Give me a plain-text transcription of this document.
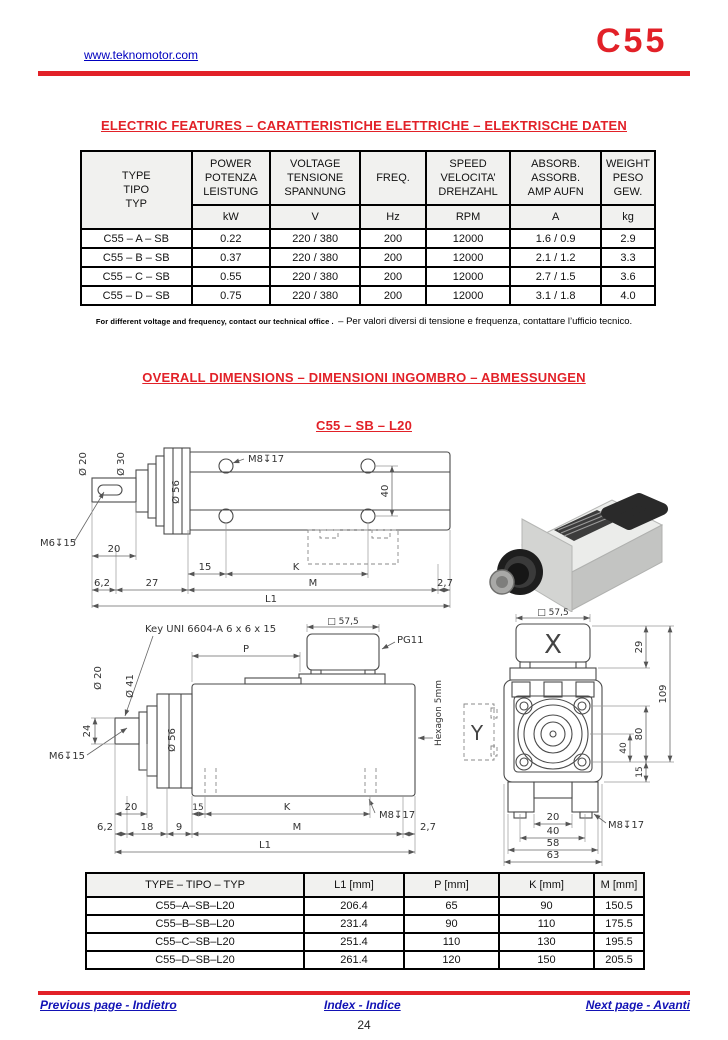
www.teknomotor.com	C55
ELECTRIC FEATURES – CARATTERISTICHE ELETTRICHE – ELEKTRISCHE DATEN
TYPE
TIPO
TYP	POWER
POTENZA
LEISTUNG	VOLTAGE
TENSIONE
SPANNUNG	FREQ.	SPEED
VELOCITA’
DREHZAHL	ABSORB.
ASSORB.
AMP AUFN	WEIGHT
PESO
GEW.

	kW	V	Hz	RPM	A	kg
C55 – A – SB	0.22	220 / 380	200	12000	1.6 / 0.9	2.9
C55 – B – SB	0.37	220 / 380	200	12000	2.1 / 1.2	3.3
C55 – C – SB	0.55	220 / 380	200	12000	2.7 / 1.5	3.6
C55 – D – SB	0.75	220 / 380	200	12000	3.1 / 1.8	4.0
For different voltage and frequency, contact our technical office . – Per valori diversi di tensione e frequenza, contattare l’ufficio tecnico.
OVERALL DIMENSIONS – DIMENSIONI INGOMBRO – ABMESSUNGEN
C55 – SB – L20
Ø 20	Ø 30
Ø 56
M8↧17
M6↧15
40
20
15	K
6,2	27	M	2,7
L1
Key UNI 6604-A 6 x 6 x 15
□ 57,5
PG11
P
Hexagon 5mm
Ø 20 Ø 41
Ø 56
24
M6↧15
20	15	K
M8↧17
6,2	18 9	M	2,7
L1
□ 57,5
X
Y
29
80
15
40
109
20
40
58
63
M8↧17
TYPE – TIPO – TYP	L1 [mm]	P [mm]	K [mm]	M [mm]
C55–A–SB–L20	206.4	65	90	150.5
C55–B–SB–L20	231.4	90	110	175.5
C55–C–SB–L20	251.4	110	130	195.5
C55–D–SB–L20	261.4	120	150	205.5
Previous page - Indietro	Index - Indice	Next page - Avanti
24
